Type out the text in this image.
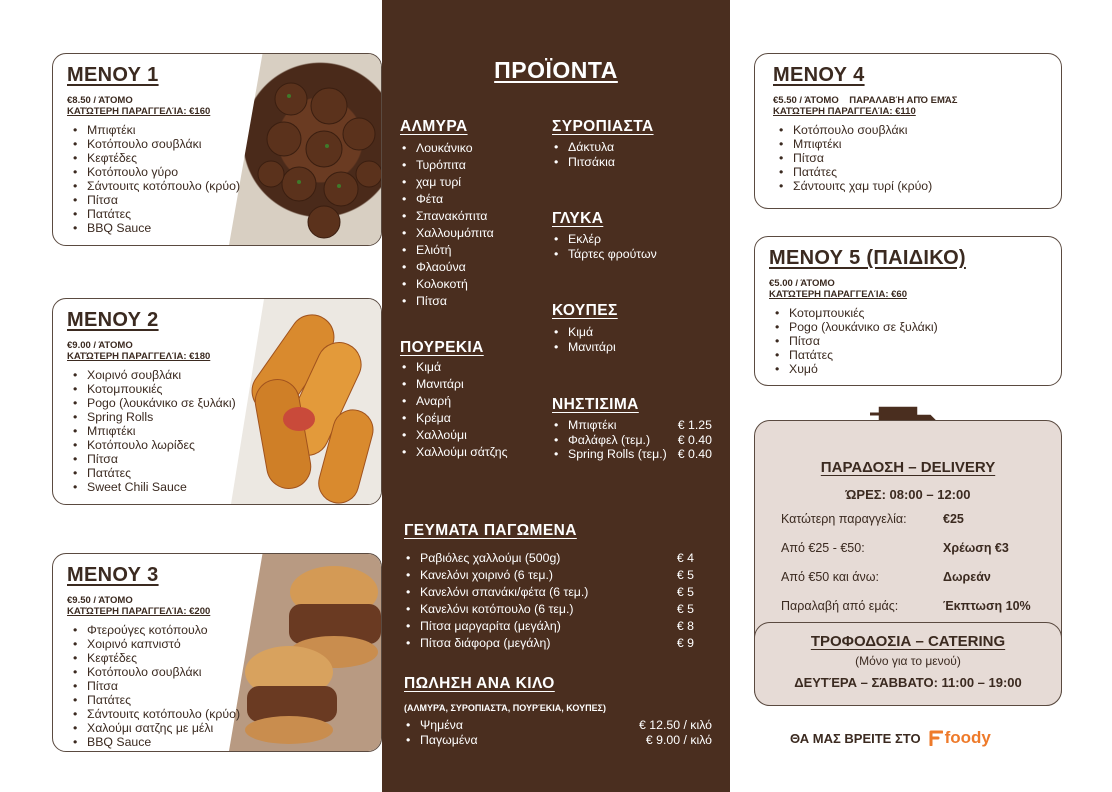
ΜΕΝΟΥ 1
€8.50 / ΆΤΟΜΟ
ΚΑΤΏΤΕΡΗ ΠΑΡΑΓΓΕΛΊΑ: €160
• Μπιφτέκι
• Κοτόπουλο σουβλάκι
• Κεφτέδες
• Κοτόπουλο γύρο
• Σάντουιτς κοτόπουλο (κρύο)
• Πίτσα
• Πατάτες
• BBQ Sauce
ΜΕΝΟΥ 2
€9.00 / ΆΤΟΜΟ
ΚΑΤΏΤΕΡΗ ΠΑΡΑΓΓΕΛΊΑ: €180
• Χοιρινό σουβλάκι
• Κοτομπουκιές
• Pogo (λουκάνικο σε ξυλάκι)
• Spring Rolls
• Μπιφτέκι
• Κοτόπουλο λωρίδες
• Πίτσα
• Πατάτες
• Sweet Chili Sauce
ΜΕΝΟΥ 3
€9.50 / ΆΤΟΜΟ
ΚΑΤΏΤΕΡΗ ΠΑΡΑΓΓΕΛΊΑ: €200
• Φτερούγες κοτόπουλο
• Χοιρινό καπνιστό
• Κεφτέδες
• Κοτόπουλο σουβλάκι
• Πίτσα
• Πατάτες
• Σάντουιτς κοτόπουλο (κρύο)
• Χαλούμι σατζης με μέλι
• BBQ Sauce
ΠΡΟΪΟΝΤΑ
ΑΛΜΥΡΑ
• Λουκάνικο
• Τυρόπιτα
• χαμ τυρί
• Φέτα
• Σπανακόπιτα
• Χαλλουμόπιτα
• Ελιότή
• Φλαούνα
• Κολοκοτή
• Πίτσα
ΣΥΡΟΠΙΑΣΤΑ
• Δάκτυλα
• Πιτσάκια
ΓΛΥΚΑ
• Εκλέρ
• Τάρτες φρούτων
ΚΟΥΠΕΣ
• Κιμά
• Μανιτάρι
ΠΟΥΡΕΚΙΑ
• Κιμά
• Μανιτάρι
• Αναρή
• Κρέμα
• Χαλλούμι
• Χαλλούμι σάτζης
ΝΗΣΤΙΣΙΜΑ
• Μπιφτέκι	€ 1.25
• Φαλάφελ (τεμ.) € 0.40
• Spring Rolls (τεμ.) € 0.40
ΓΕΥΜΑΤΑ ΠΑΓΩΜΕΝΑ
• Ραβιόλες χαλλούμι (500g)	€ 4
• Κανελόνι χοιρινό (6 τεμ.)	€ 5
• Κανελόνι σπανάκι/φέτα (6 τεμ.)	€ 5
• Κανελόνι κοτόπουλο (6 τεμ.)	€ 5
• Πίτσα μαργαρίτα (μεγάλη)	€ 8
• Πίτσα διάφορα (μεγάλη)	€ 9
ΠΩΛΗΣΗ ΑΝΑ ΚΙΛΟ
(ΑΛΜΥΡΆ, ΣΥΡΟΠΙΑΣΤΆ, ΠΟΥΡΈΚΙΑ, ΚΟΥΠΕΣ)
• Ψημένα	€ 12.50 / κιλό
• Παγωμένα	€ 9.00 / κιλό
ΜΕΝΟΥ 4
€5.50 / ΆΤΟΜΟ    ΠΑΡΑΛΑΒΉ ΑΠΌ ΕΜΆΣ
ΚΑΤΏΤΕΡΗ ΠΑΡΑΓΓΕΛΊΑ: €110
• Κοτόπουλο σουβλάκι
• Μπιφτέκι
• Πίτσα
• Πατάτες
• Σάντουιτς χαμ τυρί (κρύο)
ΜΕΝΟΥ 5 (ΠΑΙΔΙΚΟ)
€5.00 / ΆΤΟΜΟ
ΚΑΤΏΤΕΡΗ ΠΑΡΑΓΓΕΛΊΑ: €60
• Κοτομπουκιές
• Pogo (λουκάνικο σε ξυλάκι)
• Πίτσα
• Πατάτες
• Χυμό
ΠΑΡΑΔΟΣΗ – DELIVERY
ΏΡΕΣ: 08:00 – 12:00
Κατώτερη παραγγελία:	€25
Από €25 - €50:	Χρέωση €3
Από €50 και άνω:	Δωρεάν
Παραλαβή από εμάς:	Έκπτωση 10%
ΤΡΟΦΟΔΟΣΙΑ – CATERING
(Μόνο για το μενού)
ΔΕΥΤΈΡΑ – ΣΆΒΒΑΤΟ: 11:00 – 19:00
ΘΑ ΜΑΣ ΒΡΕΙΤΕ ΣΤΟ foody
